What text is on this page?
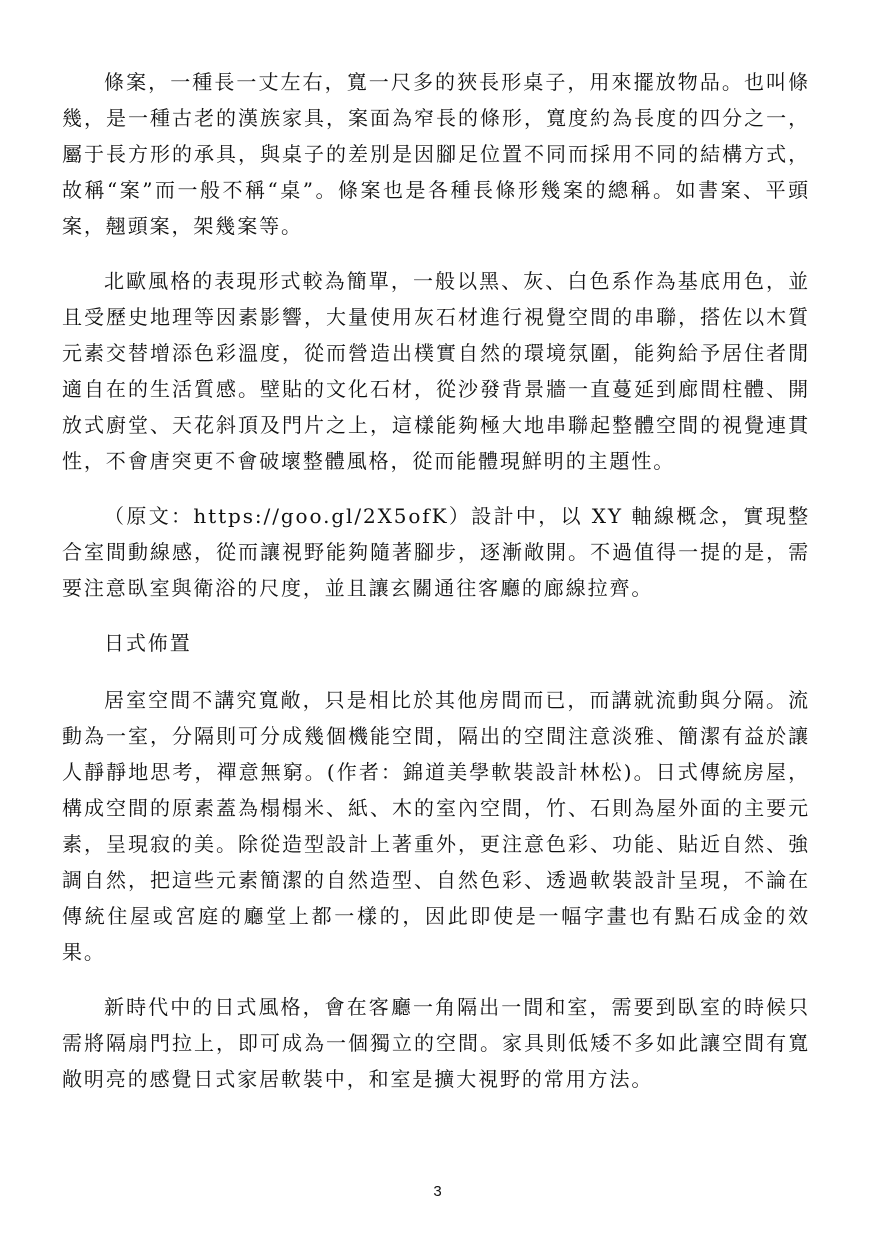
條案，一種長一丈左右，寬一尺多的狹長形桌子，用來擺放物品。也叫條幾，是一種古老的漢族家具，案面為窄長的條形，寬度約為長度的四分之一，屬于長方形的承具，與桌子的差別是因腳足位置不同而採用不同的結構方式，故稱“案”而一般不稱“桌”。條案也是各種長條形幾案的總稱。如書案、平頭案，翹頭案，架幾案等。

北歐風格的表現形式較為簡單，一般以黑、灰、白色系作為基底用色，並且受歷史地理等因素影響，大量使用灰石材進行視覺空間的串聯，搭佐以木質元素交替增添色彩溫度，從而營造出樸實自然的環境氛圍，能夠給予居住者閒適自在的生活質感。壁貼的文化石材，從沙發背景牆一直蔓延到廊間柱體、開放式廚堂、天花斜頂及門片之上，這樣能夠極大地串聯起整體空間的視覺連貫性，不會唐突更不會破壞整體風格，從而能體現鮮明的主題性。

（原文：https://goo.gl/2X5ofK）設計中，以 XY 軸線概念，實現整合室間動線感，從而讓視野能夠隨著腳步，逐漸敞開。不過值得一提的是，需要注意臥室與衛浴的尺度，並且讓玄關通往客廳的廊線拉齊。

日式佈置

居室空間不講究寬敞，只是相比於其他房間而已，而講就流動與分隔。流動為一室，分隔則可分成幾個機能空間，隔出的空間注意淡雅、簡潔有益於讓人靜靜地思考，禪意無窮。(作者：錦道美學軟裝設計林松)。日式傳統房屋，構成空間的原素蓋為榻榻米、紙、木的室內空間，竹、石則為屋外面的主要元素，呈現寂的美。除從造型設計上著重外，更注意色彩、功能、貼近自然、強調自然，把這些元素簡潔的自然造型、自然色彩、透過軟裝設計呈現，不論在傳統住屋或宮庭的廳堂上都一樣的，因此即使是一幅字畫也有點石成金的效果。

新時代中的日式風格，會在客廳一角隔出一間和室，需要到臥室的時候只需將隔扇門拉上，即可成為一個獨立的空間。家具則低矮不多如此讓空間有寬敞明亮的感覺日式家居軟裝中，和室是擴大視野的常用方法。

3
